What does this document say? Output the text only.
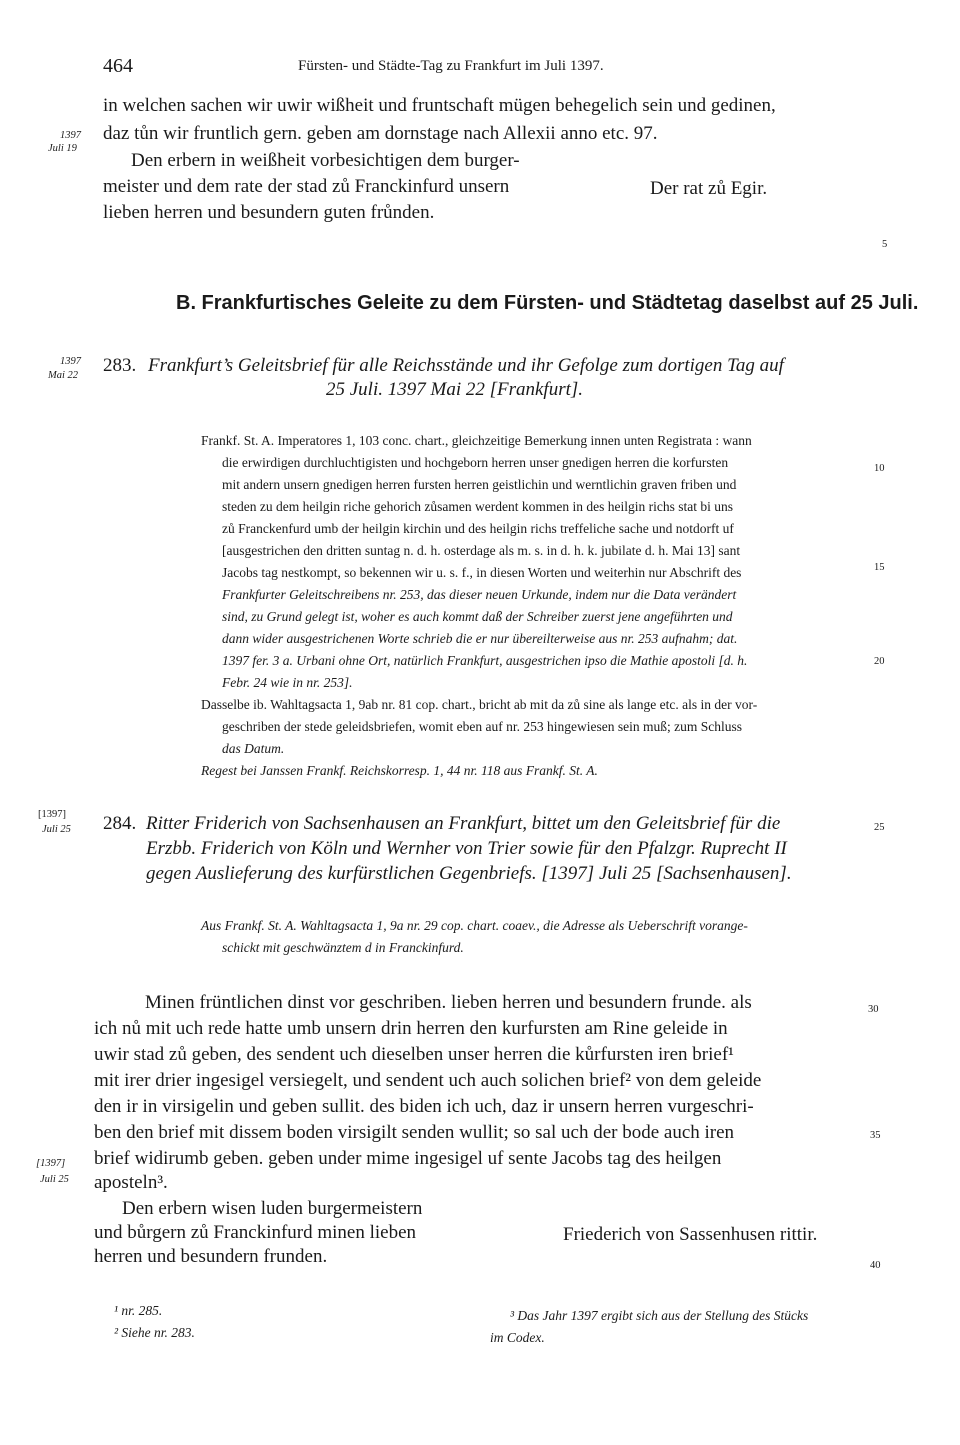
464	Fürsten- und Städte-Tag zu Frankfurt im Juli 1397.
in welchen sachen wir uwir wißheit und fruntschaft mügen behegelich sein und gedinen,
daz tůn wir fruntlich gern. geben am dornstage nach Allexii anno etc. 97.
Den erbern in weißheit vorbesichtigen dem burger-
meister und dem rate der stad zů Franckinfurd unsern
lieben herren und besundern guten frůnden.
Der rat zů Egir.
1397
Juli 19
5
B. Frankfurtisches Geleite zu dem Fürsten- und Städtetag daselbst auf 25 Juli.
1397
Mai 22 283. Frankfurt’s Geleitsbrief für alle Reichsstände und ihr Gefolge zum dortigen Tag auf
25 Juli. 1397 Mai 22 [Frankfurt].
Frankf. St. A. Imperatores 1, 103 conc. chart., gleichzeitige Bemerkung innen unten Registrata : wann
die erwirdigen durchluchtigisten und hochgeborn herren unser gnedigen herren die korfursten
mit andern unsern gnedigen herren fursten herren geistlichin und werntlichin graven friben und
steden zu dem heilgin riche gehorich zůsamen werdent kommen in des heilgin richs stat bi uns
zů Franckenfurd umb der heilgin kirchin und des heilgin richs treffeliche sache und notdorft uf
[ausgestrichen den dritten suntag n. d. h. osterdage als m. s. in d. h. k. jubilate d. h. Mai 13] sant
Jacobs tag nestkompt, so bekennen wir u. s. f., in diesen Worten und weiterhin nur Abschrift des
Frankfurter Geleitschreibens nr. 253, das dieser neuen Urkunde, indem nur die Data verändert
sind, zu Grund gelegt ist, woher es auch kommt daß der Schreiber zuerst jene angeführten und
dann wider ausgestrichenen Worte schrieb die er nur übereilterweise aus nr. 253 aufnahm; dat.
1397 fer. 3 a. Urbani ohne Ort, natürlich Frankfurt, ausgestrichen ipso die Mathie apostoli [d. h.
Febr. 24 wie in nr. 253].
Dasselbe ib. Wahltagsacta 1, 9ab nr. 81 cop. chart., bricht ab mit da zů sine als lange etc. als in der vor-
geschriben der stede geleidsbriefen, womit eben auf nr. 253 hingewiesen sein muß; zum Schluss
das Datum.
Regest bei Janssen Frankf. Reichskorresp. 1, 44 nr. 118 aus Frankf. St. A.
10
15
20
[1397]
Juli 25 284. Ritter Friderich von Sachsenhausen an Frankfurt, bittet um den Geleitsbrief für die
Erzbb. Friderich von Köln und Wernher von Trier sowie für den Pfalzgr. Ruprecht II
gegen Auslieferung des kurfürstlichen Gegenbriefs. [1397] Juli 25 [Sachsenhausen].
Aus Frankf. St. A. Wahltagsacta 1, 9a nr. 29 cop. chart. coaev., die Adresse als Ueberschrift vorange-
schickt mit geschwänztem d in Franckinfurd.
Minen früntlichen dinst vor geschriben. lieben herren und besundern frunde. als
ich nů mit uch rede hatte umb unsern drin herren den kurfursten am Rine geleide in
uwir stad zů geben, des sendent uch dieselben unser herren die kůrfursten iren brief¹
mit irer drier ingesigel versiegelt, und sendent uch auch solichen brief² von dem geleide
den ir in virsigelin und geben sullit. des biden ich uch, daz ir unsern herren vurgeschri-
ben den brief mit dissem boden virsigilt senden wullit; so sal uch der bode auch iren
brief widirumb geben. geben under mime ingesigel uf sente Jacobs tag des heilgen
aposteln³.
[1397]
Juli 25
Den erbern wisen luden burgermeistern
und bůrgern zů Franckinfurd minen lieben
herren und besundern frunden.
Friederich von Sassenhusen rittir.
25
30
35
40
¹ nr. 285.
² Siehe nr. 283.
³ Das Jahr 1397 ergibt sich aus der Stellung des Stücks
im Codex.
